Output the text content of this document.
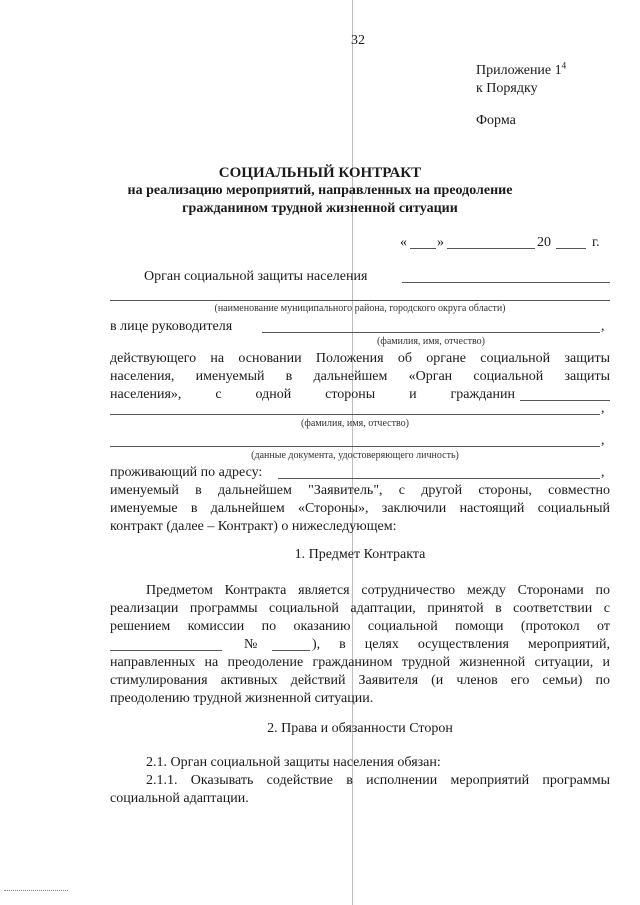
32
Приложение $1^4$
к Порядку
Форма
СОЦИАЛЬНЫЙ КОНТРАКТ
на реализацию мероприятий, направленных на преодоление
гражданином трудной жизненной ситуации
« »	20	г.
Орган социальной защиты населения
(наименование муниципального района, городского округа области)
в лице руководителя	,
(фамилия, имя, отчество)
действующего на основании Положения об органе социальной защиты
населения, именуемый в дальнейшем «Орган социальной защиты
населения», с одной стороны и гражданин
,
(фамилия, имя, отчество)
,
(данные документа, удостоверяющего личность)
проживающий по адресу:	,
именуемый в дальнейшем "Заявитель", с другой стороны, совместно
именуемые в дальнейшем «Стороны», заключили настоящий социальный
контракт (далее – Контракт) о нижеследующем:
1. Предмет Контракта
Предметом Контракта является сотрудничество между Сторонами по
реализации программы социальной адаптации, принятой в соответствии с
решением комиссии по оказанию социальной помощи (протокол от
№	), в целях осуществления мероприятий,
направленных на преодоление гражданином трудной жизненной ситуации, и
стимулирования активных действий Заявителя (и членов его семьи) по
преодолению трудной жизненной ситуации.
2. Права и обязанности Сторон
2.1. Орган социальной защиты населения обязан:
2.1.1. Оказывать содействие в исполнении мероприятий программы
социальной адаптации.
